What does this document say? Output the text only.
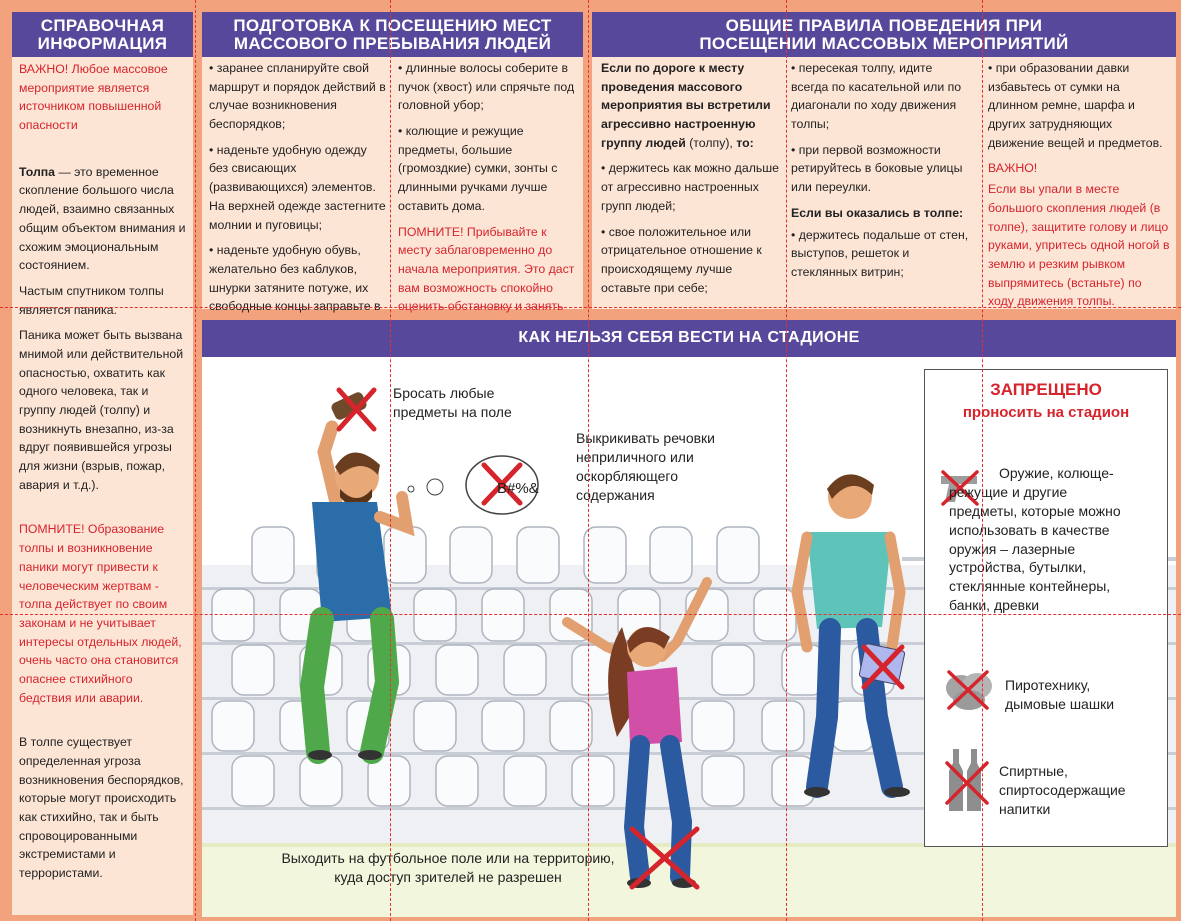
СПРАВОЧНАЯ ИНФОРМАЦИЯ

ВАЖНО! Любое массовое мероприятие является источником повышенной опасности

Толпа — это временное скопление большого числа людей, взаимно связанных общим объектом внимания и схожим эмоциональным состоянием.

Частым спутником толпы является паника.

Паника может быть вызвана мнимой или действительной опасностью, охватить как одного человека, так и группу людей (толпу) и возникнуть внезапно, из-за вдруг появившейся угрозы для жизни (взрыв, пожар, авария и т.д.).

ПОМНИТЕ! Образование толпы и возникновение паники могут привести к человеческим жертвам - толпа действует по своим законам и не учитывает интересы отдельных людей, очень часто она становится опаснее стихийного бедствия или аварии.

В толпе существует определенная угроза возникновения беспорядков, которые могут происходить как стихийно, так и быть спровоцированными экстремистами и террористами.

ПОДГОТОВКА К ПОСЕЩЕНИЮ МЕСТ МАССОВОГО ПРЕБЫВАНИЯ ЛЮДЕЙ

• заранее спланируйте свой маршрут и порядок действий в случае возникновения беспорядков;

• наденьте удобную одежду без свисающих (развивающихся) элементов. На верхней одежде застегните молнии и пуговицы;

• наденьте удобную обувь, желательно без каблуков, шнурки затяните потуже, их свободные концы заправьте в

• длинные волосы соберите в пучок (хвост) или спрячьте под головной убор;

• колющие и режущие предметы, большие (громоздкие) сумки, зонты с длинными ручками лучше оставить дома.

ПОМНИТЕ! Прибывайте к месту заблаговременно до начала мероприятия. Это даст вам возможность спокойно оценить обстановку и занять

ОБЩИЕ ПРАВИЛА ПОВЕДЕНИЯ ПРИ ПОСЕЩЕНИИ МАССОВЫХ МЕРОПРИЯТИЙ

Если по дороге к месту проведения массового мероприятия вы встретили агрессивно настроенную группу людей (толпу), то:

• держитесь как можно дальше от агрессивно настроенных групп людей;

• свое положительное или отрицательное отношение к происходящему лучше оставьте при себе;

• пересекая толпу, идите всегда по касательной или по диагонали по ходу движения толпы;

• при первой возможности ретируйтесь в боковые улицы или переулки.

Если вы оказались в толпе:

• держитесь подальше от стен, выступов, решеток и стеклянных витрин;

• при образовании давки избавьтесь от сумки на длинном ремне, шарфа и других затрудняющих движение вещей и предметов.

ВАЖНО!

Если вы упали в месте большого скопления людей (в толпе), защитите голову и лицо руками, упритесь одной ногой в землю и резким рывком выпрямитесь (встаньте) по ходу движения толпы.

КАК НЕЛЬЗЯ СЕБЯ ВЕСТИ НА СТАДИОНЕ
Бросать любые предметы на поле
Выкрикивать речовки неприличного или оскорбляющего содержания
B#%&
Выходить на футбольное поле или на территорию, куда доступ зрителей не разрешен
ЗАПРЕЩЕНО
проносить на стадион
Оружие, колюще-режущие и другие предметы, которые можно использовать в качестве оружия – лазерные устройства, бутылки, стеклянные контейнеры, банки, древки
Пиротехнику, дымовые шашки
Спиртные, спиртосодержащие напитки
